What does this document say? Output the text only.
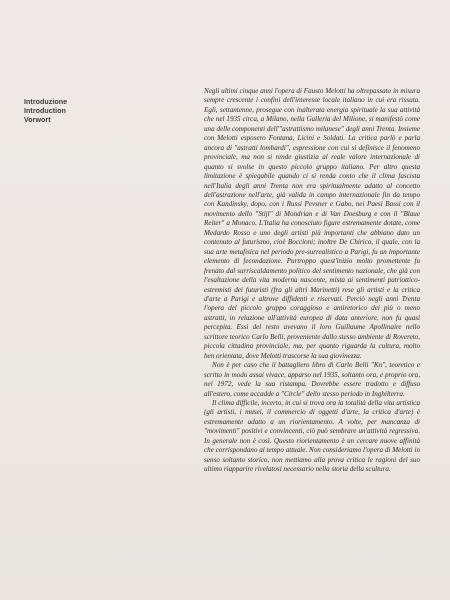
Introduzione
Introduction
Vorwort

Negli ultimi cinque anni l'opera di Fausto Melotti ha oltrepassato in misura sempre crescente i confini dell'interesse locale italiano in cui era rissuta. Egli, settantenne, prosegue con inalterata energia spirituale la sua attività che nel 1935 circa, a Milano, nella Galleria del Milione, si manifestò come una delle componenti dell'"astrattismo milanese" degli anni Trenta. Insieme con Melotti esposero Fontana, Licini e Soldati. La critica parlò e parla ancora di "astratti lombardi", espressione con cui si definisce il fenomeno provinciale, ma non si rende giustizia al reale valore internazionale di quanto si svolse in questo piccolo gruppo italiano. Per altro questa limitazione è spiegabile quando ci si renda conto che il clima fascista nell'Italia degli anni Trenta non era spiritualmente adatto al concetto dell'astrazione nell'arte, già valida in campo internazionale fin da tempo con Kandinsky, dopo, con i Russi Pevsner e Gabo, nei Paesi Bassi con il movimento dello "Stijl" di Mondrian e di Van Doesburg e con il "Blaue Reiter" a Monaco. L'Italia ha conosciuto figure estremamente dotate, come Medardo Rosso e uno degli artisti più importanti che abbiano dato un contenuto al futurismo, cioè Boccioni; inoltre De Chirico, il quale, con la sua arte metafisica nel periodo pre-surrealistico a Parigi, fu un importante elemento di fecondazione. Purtroppo quest'inizio molto promettente fu frenato dal surriscaldamento politico del sentimento nazionale, che già con l'esaltazione della vita moderna nascente, mista ai sentimenti patriottico-estremisti dei futuristi (fra gli altri Marinetti) rese gli artisti e la critica d'arte a Parigi e altrove diffidenti e riservati. Perciò negli anni Trenta l'opera del piccolo gruppo coraggioso e antiretorico dei più o meno astratti, in relazione all'attività europea di data anteriore, non fu quasi percepita. Essi del resto avevano il loro Guillaume Apollinaire nello scrittore teorico Carlo Belli, proveniente dallo stesso ambiente di Rovereto, piccola cittadina provinciale, ma, per quanto riguarda la cultura, molto ben orientata, dove Melotti trascorse la sua giovinezza.

Non è per caso che il battagliero libro di Carlo Belli "Kn", teoretico e scritto in modo assai vivace, apparso nel 1935, soltanto ora, e proprio ora, nel 1972, vede la sua ristampa. Dovrebbe essere tradotto e diffuso all'estero, come accadde a "Circle" dello stesso periodo in Inghilterra.

Il clima difficile, incerto, in cui si trova ora la totalità della vita artistica (gli artisti, i musei, il commercio di oggetti d'arte, la critica d'arte) è estremamente adatto a un riorientamento. A volte, per mancanza di "movimenti" positivi e convincenti, ciò può sembrare un'attività regressiva. In generale non è così. Questo riorientamento è un cercare nuove affinità che corrispondano al tempo attuale. Non consideriamo l'opera di Melotti in senso soltanto storico, non mettiamo alla prova critica le ragioni del suo ultimo riapparire rivelatosi necessario nella storia della scultura.
